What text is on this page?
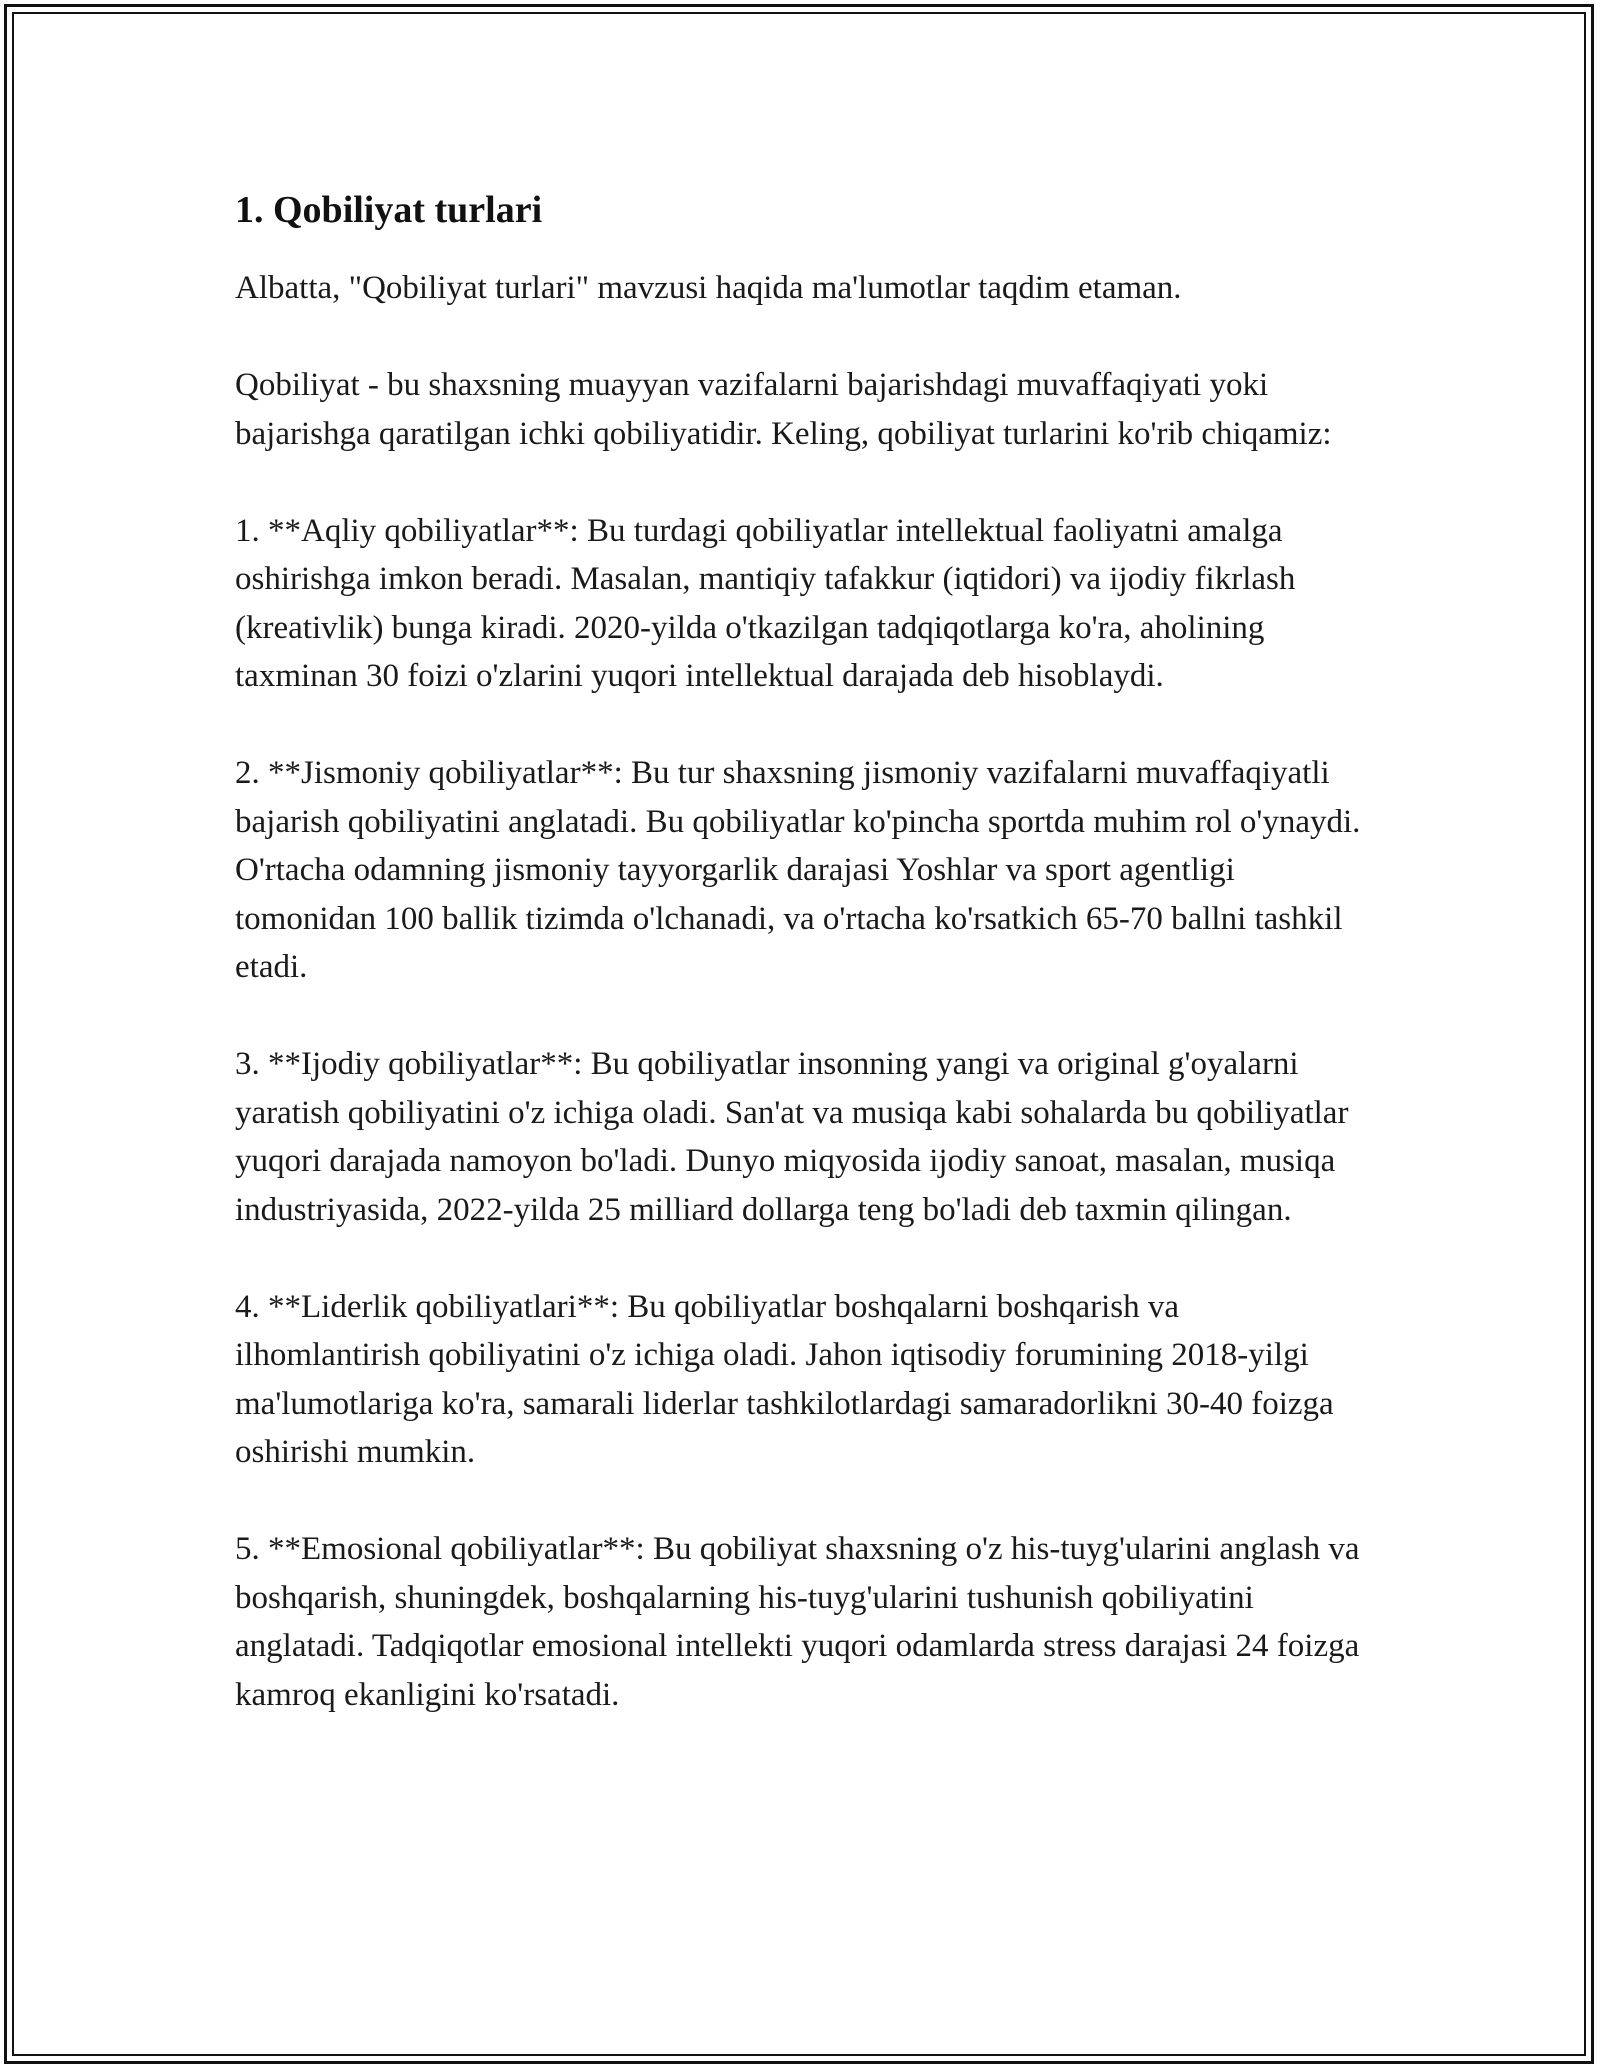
1. Qobiliyat turlari

Albatta, "Qobiliyat turlari" mavzusi haqida ma'lumotlar taqdim etaman.

Qobiliyat - bu shaxsning muayyan vazifalarni bajarishdagi muvaffaqiyati yoki bajarishga qaratilgan ichki qobiliyatidir. Keling, qobiliyat turlarini ko'rib chiqamiz:

1. **Aqliy qobiliyatlar**: Bu turdagi qobiliyatlar intellektual faoliyatni amalga oshirishga imkon beradi. Masalan, mantiqiy tafakkur (iqtidori) va ijodiy fikrlash (kreativlik) bunga kiradi. 2020-yilda o'tkazilgan tadqiqotlarga ko'ra, aholining taxminan 30 foizi o'zlarini yuqori intellektual darajada deb hisoblaydi.

2. **Jismoniy qobiliyatlar**: Bu tur shaxsning jismoniy vazifalarni muvaffaqiyatli bajarish qobiliyatini anglatadi. Bu qobiliyatlar ko'pincha sportda muhim rol o'ynaydi. O'rtacha odamning jismoniy tayyorgarlik darajasi Yoshlar va sport agentligi tomonidan 100 ballik tizimda o'lchanadi, va o'rtacha ko'rsatkich 65-70 ballni tashkil etadi.

3. **Ijodiy qobiliyatlar**: Bu qobiliyatlar insonning yangi va original g'oyalarni yaratish qobiliyatini o'z ichiga oladi. San'at va musiqa kabi sohalarda bu qobiliyatlar yuqori darajada namoyon bo'ladi. Dunyo miqyosida ijodiy sanoat, masalan, musiqa industriyasida, 2022-yilda 25 milliard dollarga teng bo'ladi deb taxmin qilingan.

4. **Liderlik qobiliyatlari**: Bu qobiliyatlar boshqalarni boshqarish va ilhomlantirish qobiliyatini o'z ichiga oladi. Jahon iqtisodiy forumining 2018-yilgi ma'lumotlariga ko'ra, samarali liderlar tashkilotlardagi samaradorlikni 30-40 foizga oshirishi mumkin.

5. **Emosional qobiliyatlar**: Bu qobiliyat shaxsning o'z his-tuyg'ularini anglash va boshqarish, shuningdek, boshqalarning his-tuyg'ularini tushunish qobiliyatini anglatadi. Tadqiqotlar emosional intellekti yuqori odamlarda stress darajasi 24 foizga kamroq ekanligini ko'rsatadi.
